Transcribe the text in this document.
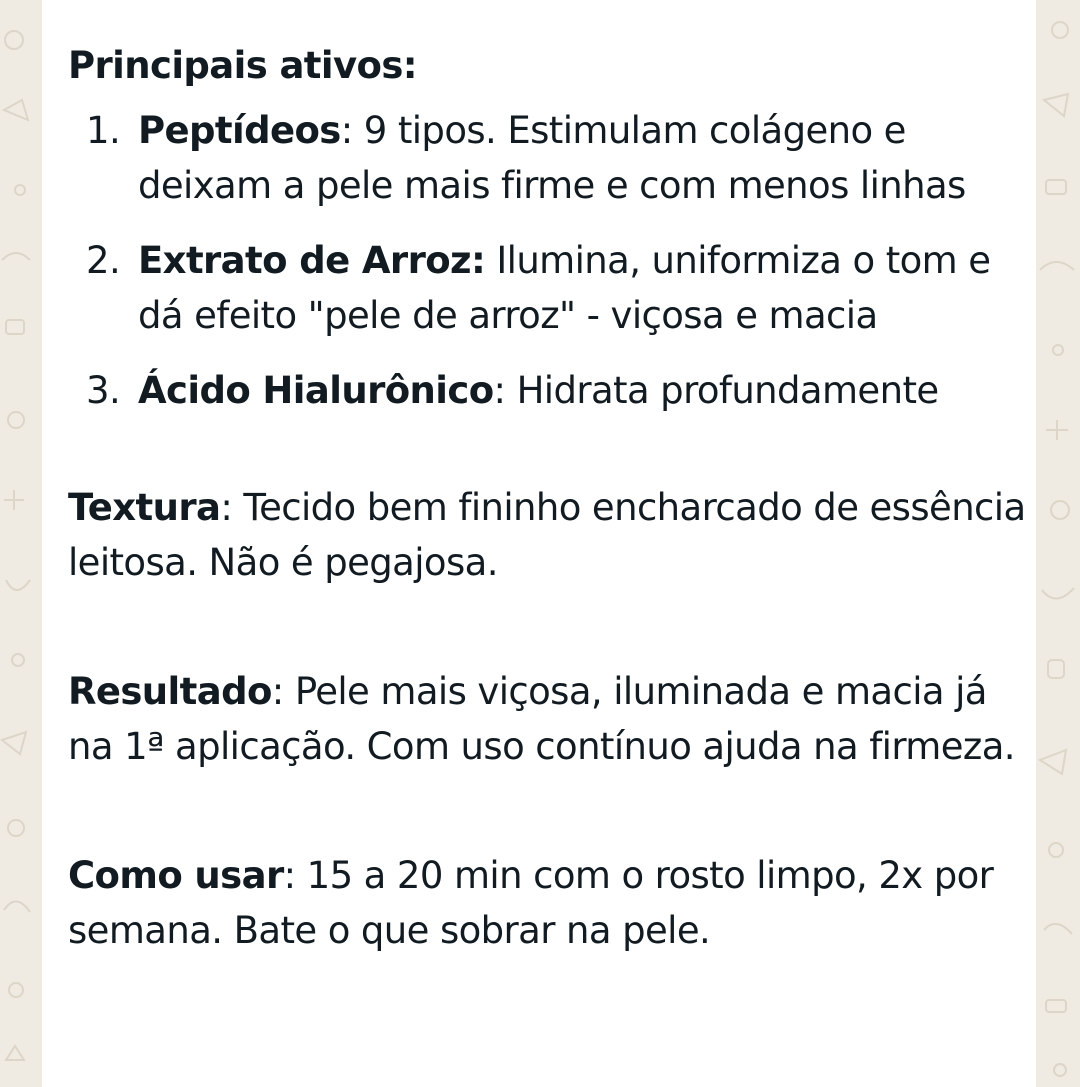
Principais ativos:

1. Peptídeos: 9 tipos. Estimulam colágeno e deixam a pele mais firme e com menos linhas
2. Extrato de Arroz: Ilumina, uniformiza o tom e dá efeito "pele de arroz" - viçosa e macia
3. Ácido Hialurônico: Hidrata profundamente

Textura: Tecido bem fininho encharcado de essência leitosa. Não é pegajosa.

Resultado: Pele mais viçosa, iluminada e macia já na 1ª aplicação. Com uso contínuo ajuda na firmeza.

Como usar: 15 a 20 min com o rosto limpo, 2x por semana. Bate o que sobrar na pele.
